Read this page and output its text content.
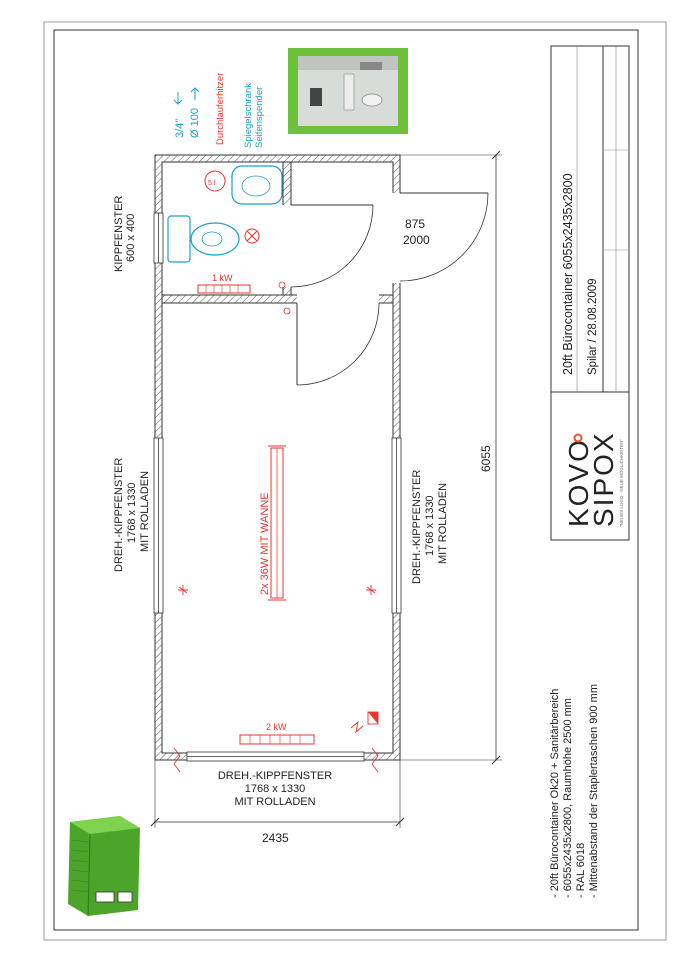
20ft Bürocontainer 6055x2435x2800 Spilar / 28.08.2009
KOVO
SIPOX "NEUES LOGO · NEUE MÖGLICHKEITEN"
- 20ft Bürocontainer Ok20 + Sanitärbereich - 6055x2435x2800, Raumhöhe 2500 mm - RAL 6018 - Mittenabstand der Staplertaschen 900 mm
875
2000
5 l
3/4" Ø 100 Durchlauferhitzer Spiegelschrank Seifenspender
1 kW
2 kW
2x 36W MIT WANNE
KIPPFENSTER 600 x 400
DREH.-KIPPFENSTER 1768 x 1330 MIT ROLLADEN	DREH.-KIPPFENSTER 1768 x 1330 MIT ROLLADEN
DREH.-KIPPFENSTER
1768 x 1330
MIT ROLLADEN
6055
2435
